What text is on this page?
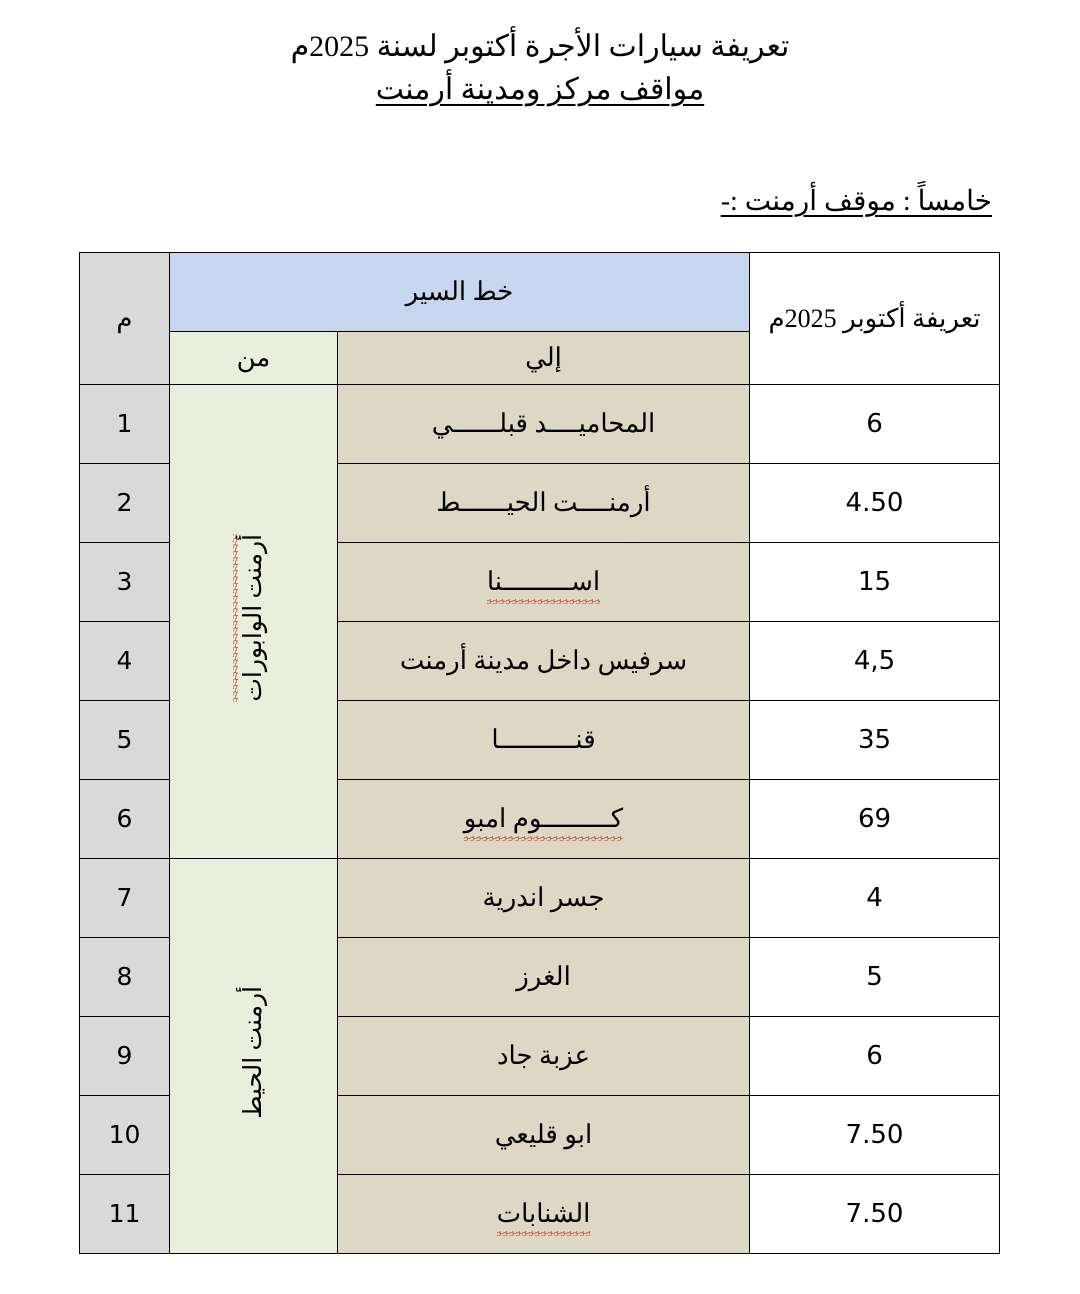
تعريفة سيارات الأجرة أكتوبر لسنة 2025م
مواقف مركز ومدينة أرمنت
خامساً : موقف أرمنت :-
تعريفة أكتوبر 2025م	خط السير		م
	إلي	من	
6	المحاميــــد قبلــــــي	أرمنت الوابورات	1
4.50	أرمنــــت الحيــــــط		2
15	اســـــــــنا		3
4,5	سرفيس داخل مدينة أرمنت		4
35	قنــــــــــا		5
69	كـــــــــوم امبو		6
4	جسر اندرية	أرمنت الحيط	7
5	الغرز		8
6	عزبة جاد		9
7.50	ابو قليعي		10
7.50	الشنابات		11
